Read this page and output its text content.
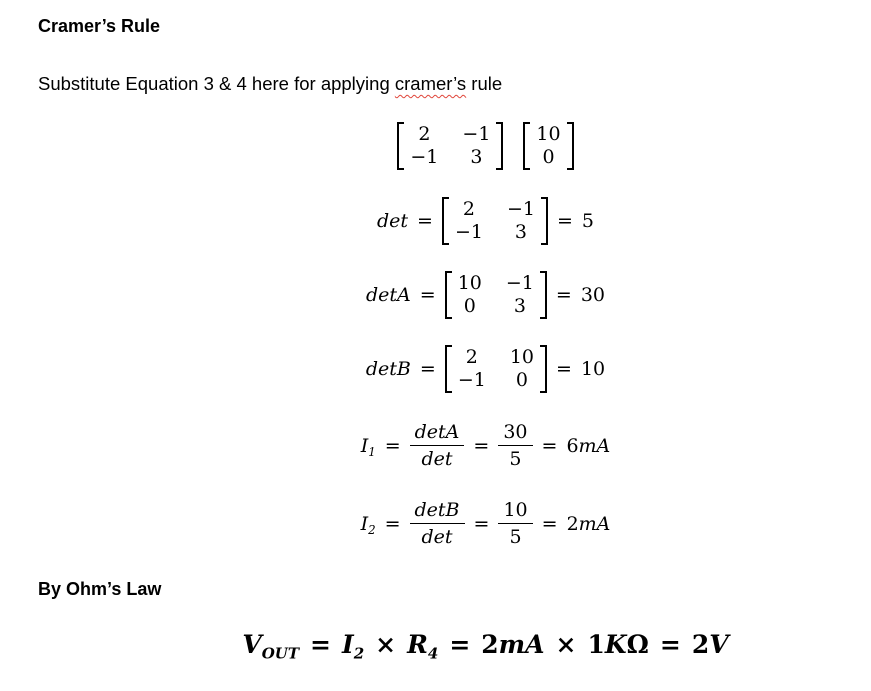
Cramer’s Rule

Substitute Equation 3 & 4 here for applying cramer’s rule

2	−1
−1	3
10
0
det =
2	−1
−1	3	= 5
detA =
10 −1
0	3	= 30
detB =
2	10
−1	0	= 10
$I_1 = \frac{\det A}{\det} = \frac{30}{5} = 6mA$
$I_2 = \frac{\det B}{\det} = \frac{10}{5} = 2mA$
By Ohm’s Law
$V_{OUT} = I_2 \times R_4 = 2mA \times 1K\Omega = 2V$
